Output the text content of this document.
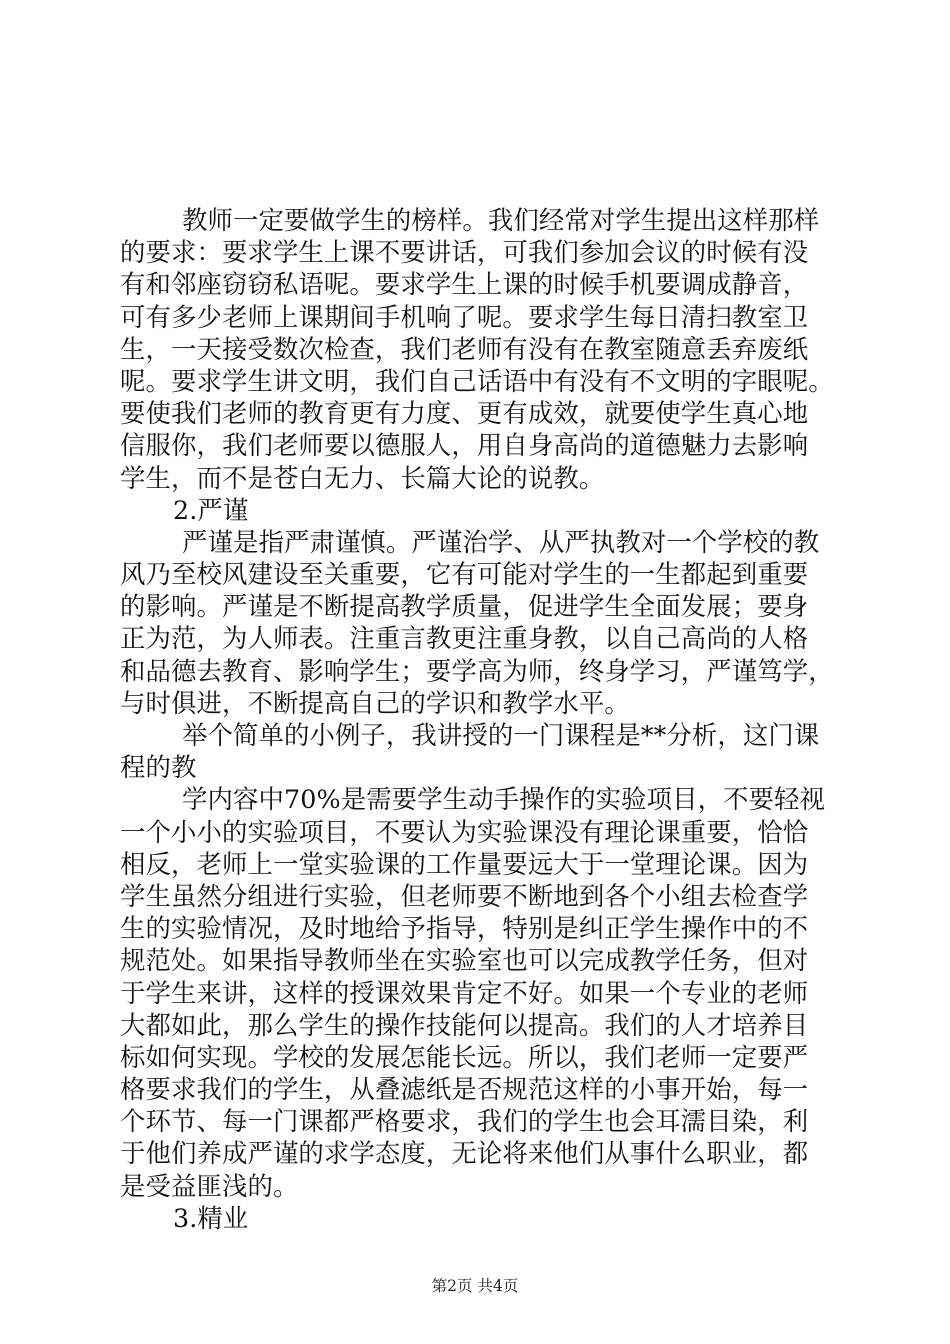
教师一定要做学生的榜样。我们经常对学生提出这样那样
的要求：要求学生上课不要讲话，可我们参加会议的时候有没
有和邻座窃窃私语呢。要求学生上课的时候手机要调成静音，
可有多少老师上课期间手机响了呢。要求学生每日清扫教室卫
生，一天接受数次检查，我们老师有没有在教室随意丢弃废纸
呢。要求学生讲文明，我们自己话语中有没有不文明的字眼呢。
要使我们老师的教育更有力度、更有成效，就要使学生真心地
信服你，我们老师要以德服人，用自身高尚的道德魅力去影响
学生，而不是苍白无力、长篇大论的说教。
2.严谨
严谨是指严肃谨慎。严谨治学、从严执教对一个学校的教
风乃至校风建设至关重要，它有可能对学生的一生都起到重要
的影响。严谨是不断提高教学质量，促进学生全面发展；要身
正为范，为人师表。注重言教更注重身教，以自己高尚的人格
和品德去教育、影响学生；要学高为师，终身学习，严谨笃学，
与时俱进，不断提高自己的学识和教学水平。
举个简单的小例子，我讲授的一门课程是**分析，这门课
程的教
学内容中70%是需要学生动手操作的实验项目，不要轻视
一个小小的实验项目，不要认为实验课没有理论课重要，恰恰
相反，老师上一堂实验课的工作量要远大于一堂理论课。因为
学生虽然分组进行实验，但老师要不断地到各个小组去检查学
生的实验情况，及时地给予指导，特别是纠正学生操作中的不
规范处。如果指导教师坐在实验室也可以完成教学任务，但对
于学生来讲，这样的授课效果肯定不好。如果一个专业的老师
大都如此，那么学生的操作技能何以提高。我们的人才培养目
标如何实现。学校的发展怎能长远。所以，我们老师一定要严
格要求我们的学生，从叠滤纸是否规范这样的小事开始，每一
个环节、每一门课都严格要求，我们的学生也会耳濡目染，利
于他们养成严谨的求学态度，无论将来他们从事什么职业，都
是受益匪浅的。
3.精业
第2页 共4页
